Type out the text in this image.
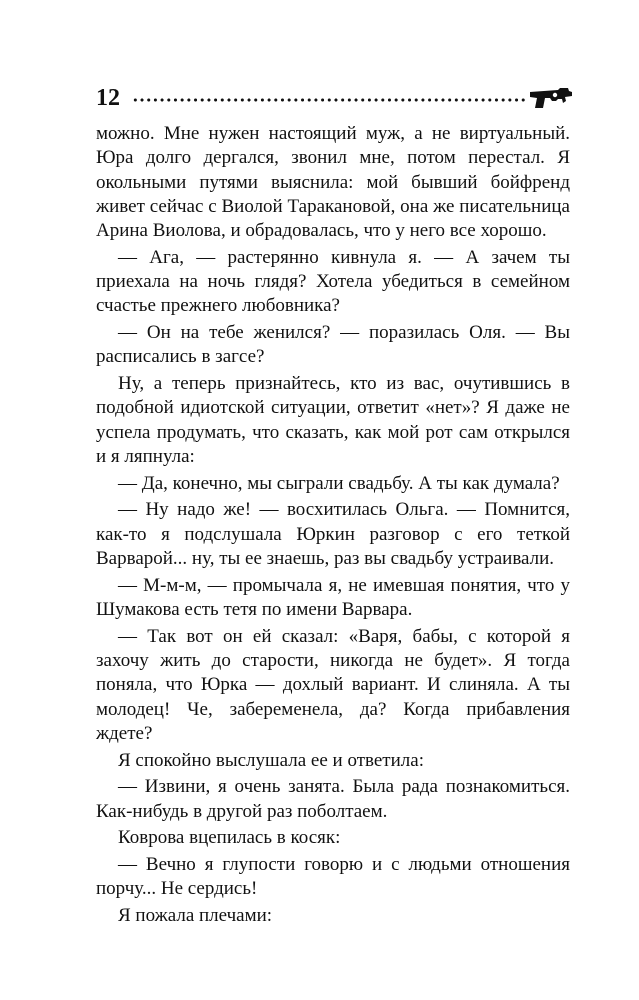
12

можно. Мне нужен настоящий муж, а не виртуальный. Юра долго дергался, звонил мне, потом перестал. Я окольными путями выяснила: мой бывший бойфренд живет сейчас с Виолой Таракановой, она же писательница Арина Виолова, и обрадовалась, что у него все хорошо.

— Ага, — растерянно кивнула я. — А зачем ты приехала на ночь глядя? Хотела убедиться в семейном счастье прежнего любовника?

— Он на тебе женился? — поразилась Оля. — Вы расписались в загсе?

Ну, а теперь признайтесь, кто из вас, очутившись в подобной идиотской ситуации, ответит «нет»? Я даже не успела продумать, что сказать, как мой рот сам открылся и я ляпнула:

— Да, конечно, мы сыграли свадьбу. А ты как думала?

— Ну надо же! — восхитилась Ольга. — Помнится, как-то я подслушала Юркин разговор с его теткой Варварой... ну, ты ее знаешь, раз вы свадьбу устраивали.

— М-м-м, — промычала я, не имевшая понятия, что у Шумакова есть тетя по имени Варвара.

— Так вот он ей сказал: «Варя, бабы, с которой я захочу жить до старости, никогда не будет». Я тогда поняла, что Юрка — дохлый вариант. И слиняла. А ты молодец! Че, забеременела, да? Когда прибавления ждете?

Я спокойно выслушала ее и ответила:

— Извини, я очень занята. Была рада познакомиться. Как-нибудь в другой раз поболтаем.

Коврова вцепилась в косяк:

— Вечно я глупости говорю и с людьми отношения порчу... Не сердись!

Я пожала плечами:
